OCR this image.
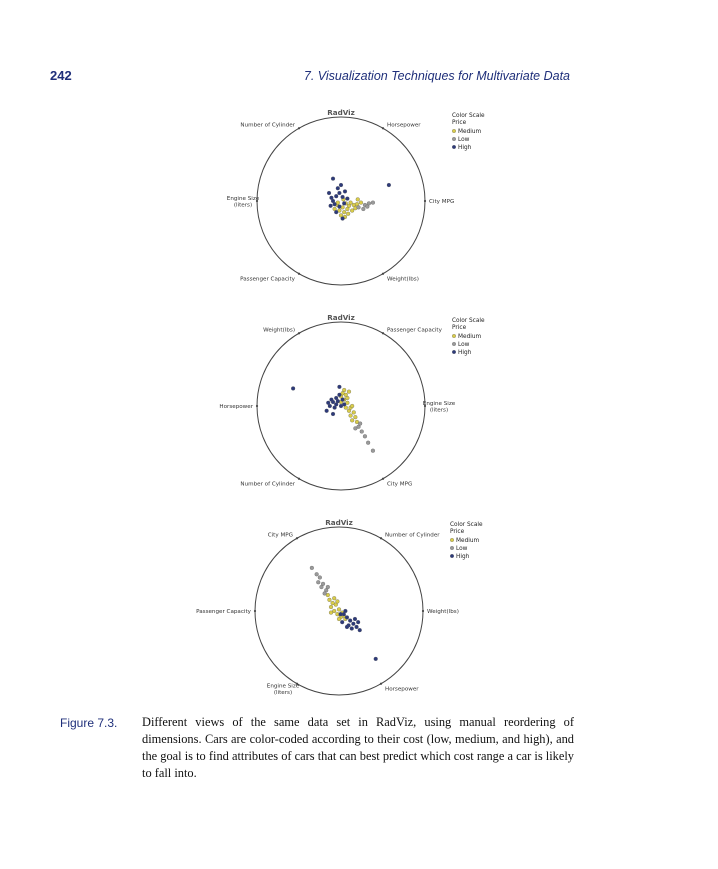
242	7. Visualization Techniques for Multivariate Data
RadViz
Horsepower
City MPG
Weight(lbs)
Passenger Capacity
Engine Size (liters)
Number of Cylinder
Color Scale
Price
Medium
Low
High
RadViz
Passenger Capacity
Engine Size (liters)
City MPG
Number of Cylinder
Horsepower
Weight(lbs)
Color Scale
Price
Medium
Low
High
RadViz
Number of Cylinder
Weight(lbs)
Horsepower
Engine Size (liters)
Passenger Capacity
City MPG
Color Scale
Price
Medium
Low
High
Figure 7.3. Different views of the same data set in RadViz, using manual reordering of dimensions. Cars are color-coded according to their cost (low, medium, and high), and the goal is to find attributes of cars that can best predict which cost range a car is likely to fall into.
